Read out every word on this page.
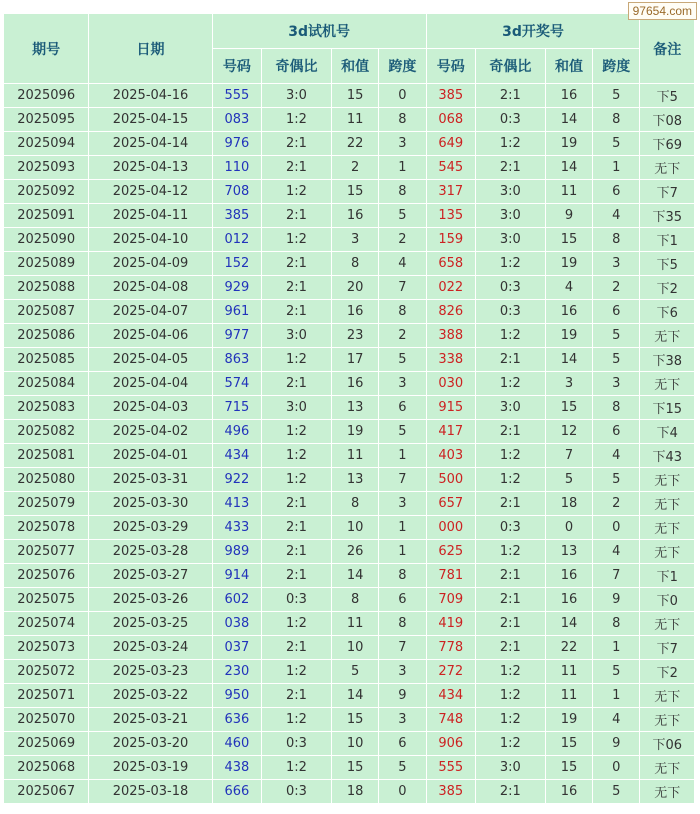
97654.com
期号	日期	3d试机号				3d开奖号				备注
		号码	奇偶比	和值	跨度	号码	奇偶比	和值	跨度	
2025096	2025-04-16	555	3:0	15	0	385	2:1	16	5	下5
2025095	2025-04-15	083	1:2	11	8	068	0:3	14	8	下08
2025094	2025-04-14	976	2:1	22	3	649	1:2	19	5	下69
2025093	2025-04-13	110	2:1	2	1	545	2:1	14	1	无下
2025092	2025-04-12	708	1:2	15	8	317	3:0	11	6	下7
2025091	2025-04-11	385	2:1	16	5	135	3:0	9	4	下35
2025090	2025-04-10	012	1:2	3	2	159	3:0	15	8	下1
2025089	2025-04-09	152	2:1	8	4	658	1:2	19	3	下5
2025088	2025-04-08	929	2:1	20	7	022	0:3	4	2	下2
2025087	2025-04-07	961	2:1	16	8	826	0:3	16	6	下6
2025086	2025-04-06	977	3:0	23	2	388	1:2	19	5	无下
2025085	2025-04-05	863	1:2	17	5	338	2:1	14	5	下38
2025084	2025-04-04	574	2:1	16	3	030	1:2	3	3	无下
2025083	2025-04-03	715	3:0	13	6	915	3:0	15	8	下15
2025082	2025-04-02	496	1:2	19	5	417	2:1	12	6	下4
2025081	2025-04-01	434	1:2	11	1	403	1:2	7	4	下43
2025080	2025-03-31	922	1:2	13	7	500	1:2	5	5	无下
2025079	2025-03-30	413	2:1	8	3	657	2:1	18	2	无下
2025078	2025-03-29	433	2:1	10	1	000	0:3	0	0	无下
2025077	2025-03-28	989	2:1	26	1	625	1:2	13	4	无下
2025076	2025-03-27	914	2:1	14	8	781	2:1	16	7	下1
2025075	2025-03-26	602	0:3	8	6	709	2:1	16	9	下0
2025074	2025-03-25	038	1:2	11	8	419	2:1	14	8	无下
2025073	2025-03-24	037	2:1	10	7	778	2:1	22	1	下7
2025072	2025-03-23	230	1:2	5	3	272	1:2	11	5	下2
2025071	2025-03-22	950	2:1	14	9	434	1:2	11	1	无下
2025070	2025-03-21	636	1:2	15	3	748	1:2	19	4	无下
2025069	2025-03-20	460	0:3	10	6	906	1:2	15	9	下06
2025068	2025-03-19	438	1:2	15	5	555	3:0	15	0	无下
2025067	2025-03-18	666	0:3	18	0	385	2:1	16	5	无下
